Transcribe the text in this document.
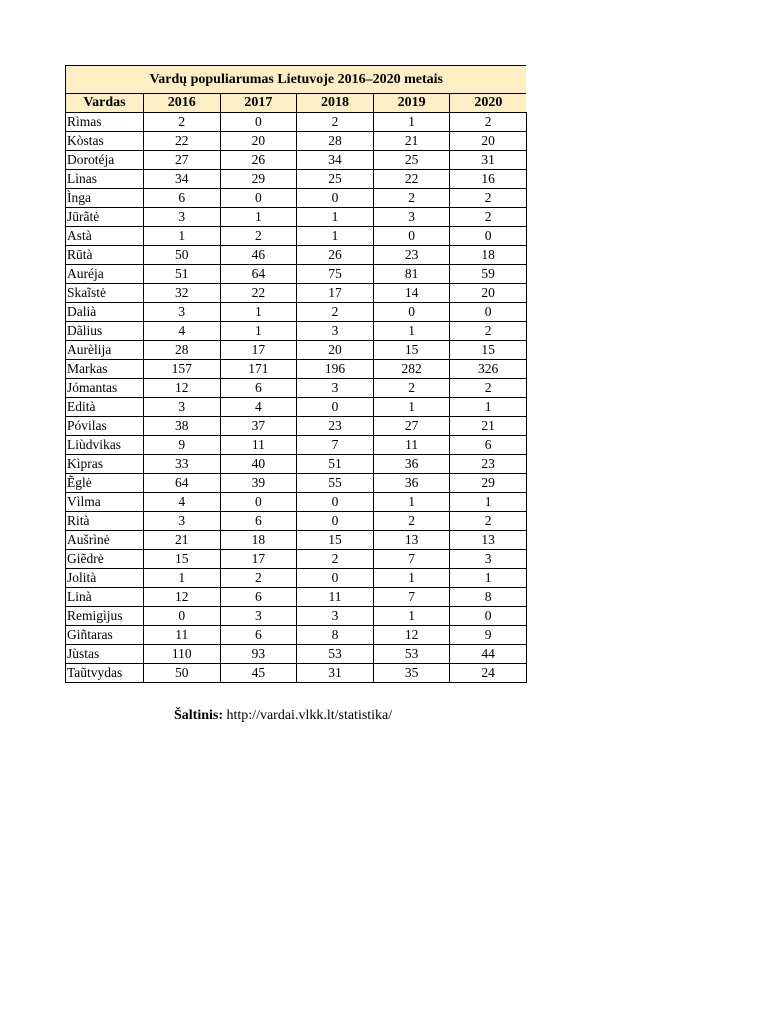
Vardų populiarumas Lietuvoje 2016–2020 metais					
Vardas	2016	2017	2018	2019	2020
Rìmas	2	0	2	1	2
Kòstas	22	20	28	21	20
Dorotéja	27	26	34	25	31
Lìnas	34	29	25	22	16
Ìnga	6	0	0	2	2
Jūrãtė	3	1	1	3	2
Astà	1	2	1	0	0
Rūtà	50	46	26	23	18
Auréja	51	64	75	81	59
Skaĩstė	32	22	17	14	20
Dalià	3	1	2	0	0
Dãlius	4	1	3	1	2
Aurèlija	28	17	20	15	15
Markas	157	171	196	282	326
Jómantas	12	6	3	2	2
Edità	3	4	0	1	1
Póvilas	38	37	23	27	21
Liùdvikas	9	11	7	11	6
Kìpras	33	40	51	36	23
Ẽglė	64	39	55	36	29
Vìlma	4	0	0	1	1
Rità	3	6	0	2	2
Aušrìnė	21	18	15	13	13
Giẽdrė	15	17	2	7	3
Jolità	1	2	0	1	1
Linà	12	6	11	7	8
Remigìjus	0	3	3	1	0
Giñtaras	11	6	8	12	9
Jùstas	110	93	53	53	44
Taũtvydas	50	45	31	35	24
Šaltinis: http://vardai.vlkk.lt/statistika/
